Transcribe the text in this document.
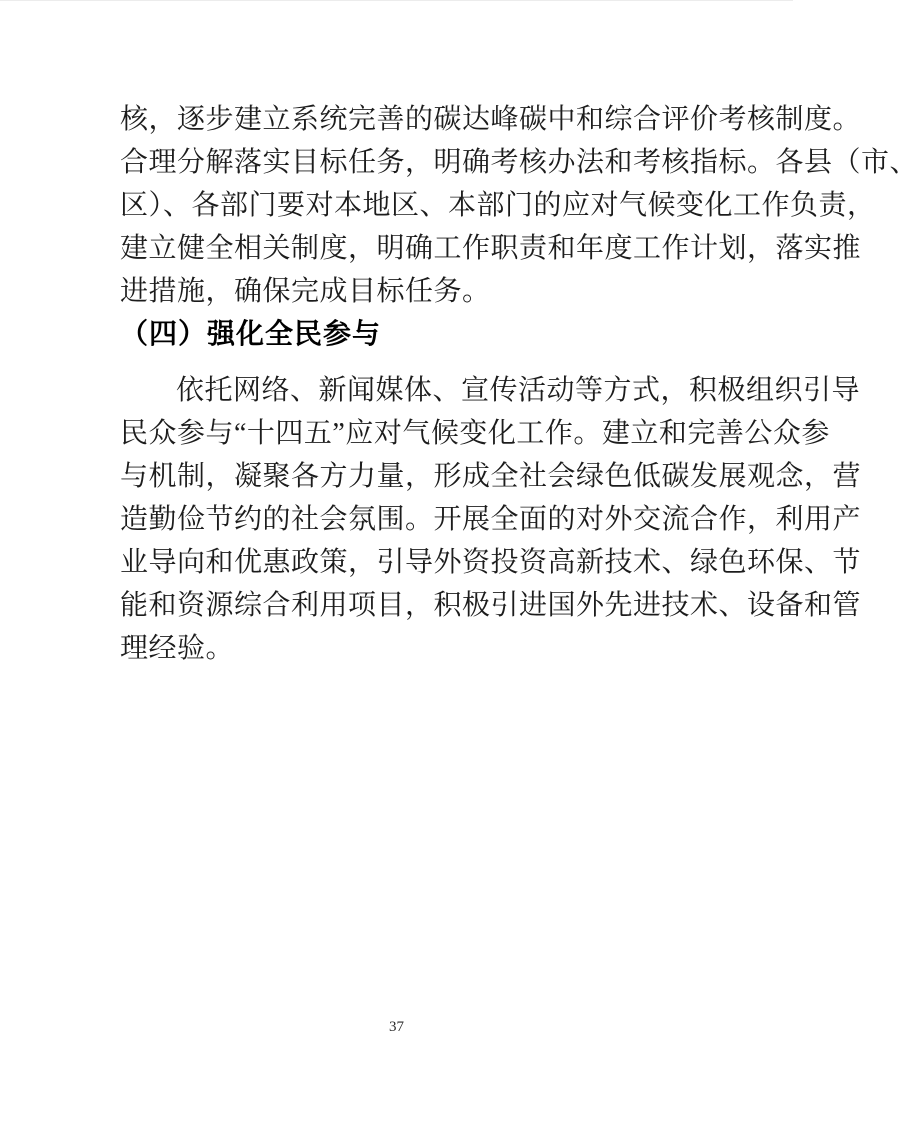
核，逐步建立系统完善的碳达峰碳中和综合评价考核制度。
合理分解落实目标任务，明确考核办法和考核指标。各县（市、
区）、各部门要对本地区、本部门的应对气候变化工作负责，
建立健全相关制度，明确工作职责和年度工作计划，落实推
进措施，确保完成目标任务。
（四）强化全民参与
依托网络、新闻媒体、宣传活动等方式，积极组织引导
民众参与“十四五”应对气候变化工作。建立和完善公众参
与机制，凝聚各方力量，形成全社会绿色低碳发展观念，营
造勤俭节约的社会氛围。开展全面的对外交流合作，利用产
业导向和优惠政策，引导外资投资高新技术、绿色环保、节
能和资源综合利用项目，积极引进国外先进技术、设备和管
理经验。
37
